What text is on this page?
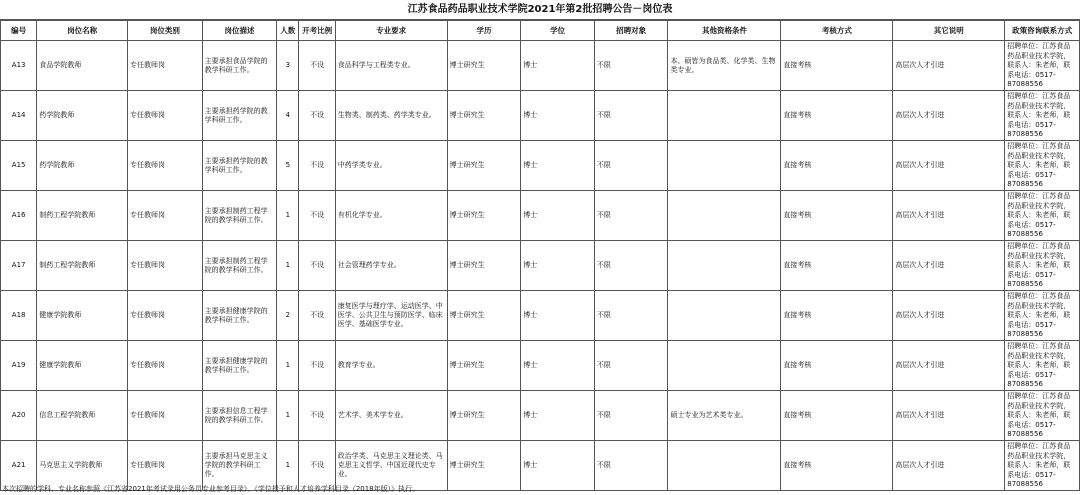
江苏食品药品职业技术学院2021年第2批招聘公告－岗位表
编号	岗位名称	岗位类别	岗位描述	人数	开考比例	专业要求	学历	学位	招聘对象	其他资格条件	考核方式	其它说明	政策咨询联系方式
A13	食品学院教师	专任教师岗	主要承担食品学院的教学科研工作。	3	不设	食品科学与工程类专业。	博士研究生	博士	不限	本、硕皆为食品类、化学类、生物类专业。	直接考核	高层次人才引进	招聘单位：江苏食品药品职业技术学院，联系人：朱老师，联系电话：0517-87088556
A14	药学院教师	专任教师岗	主要承担药学院的教学科研工作。	4	不设	生物类、制药类、药学类专业。	博士研究生	博士	不限		直接考核	高层次人才引进	招聘单位：江苏食品药品职业技术学院，联系人：朱老师，联系电话：0517-87088556
A15	药学院教师	专任教师岗	主要承担药学院的教学科研工作。	5	不设	中药学类专业。	博士研究生	博士	不限		直接考核	高层次人才引进	招聘单位：江苏食品药品职业技术学院，联系人：朱老师，联系电话：0517-87088556
A16	制药工程学院教师	专任教师岗	主要承担制药工程学院的教学科研工作。	1	不设	有机化学专业。	博士研究生	博士	不限		直接考核	高层次人才引进	招聘单位：江苏食品药品职业技术学院，联系人：朱老师，联系电话：0517-87088556
A17	制药工程学院教师	专任教师岗	主要承担制药工程学院的教学科研工作。	1	不设	社会管理药学专业。	博士研究生	博士	不限		直接考核	高层次人才引进	招聘单位：江苏食品药品职业技术学院，联系人：朱老师，联系电话：0517-87088556
A18	健康学院教师	专任教师岗	主要承担健康学院的教学科研工作。	2	不设	康复医学与理疗学、运动医学、中医学、公共卫生与预防医学、临床医学、基础医学专业。	博士研究生	博士	不限		直接考核	高层次人才引进	招聘单位：江苏食品药品职业技术学院，联系人：朱老师，联系电话：0517-87088556
A19	健康学院教师	专任教师岗	主要承担健康学院的教学科研工作。	1	不设	教育学专业。	博士研究生	博士	不限		直接考核	高层次人才引进	招聘单位：江苏食品药品职业技术学院，联系人：朱老师，联系电话：0517-87088556
A20	信息工程学院教师	专任教师岗	主要承担信息工程学院的教学科研工作。	1	不设	艺术学、美术学专业。	博士研究生	博士	不限	硕士专业为艺术类专业。	直接考核	高层次人才引进	招聘单位：江苏食品药品职业技术学院，联系人：朱老师，联系电话：0517-87088556
A21	马克思主义学院教师	专任教师岗	主要承担马克思主义学院的教学科研工作。	1	不设	政治学类、马克思主义理论类、马克思主义哲学、中国近现代史专业。	博士研究生	博士	不限		直接考核	高层次人才引进	招聘单位：江苏食品药品职业技术学院，联系人：朱老师，联系电话：0517-87088556
本次招聘的学科、专业名称参照《江苏省2021年考试录用公务员专业参考目录》、《学位授予和人才培养学科目录（2018年版）》执行。
